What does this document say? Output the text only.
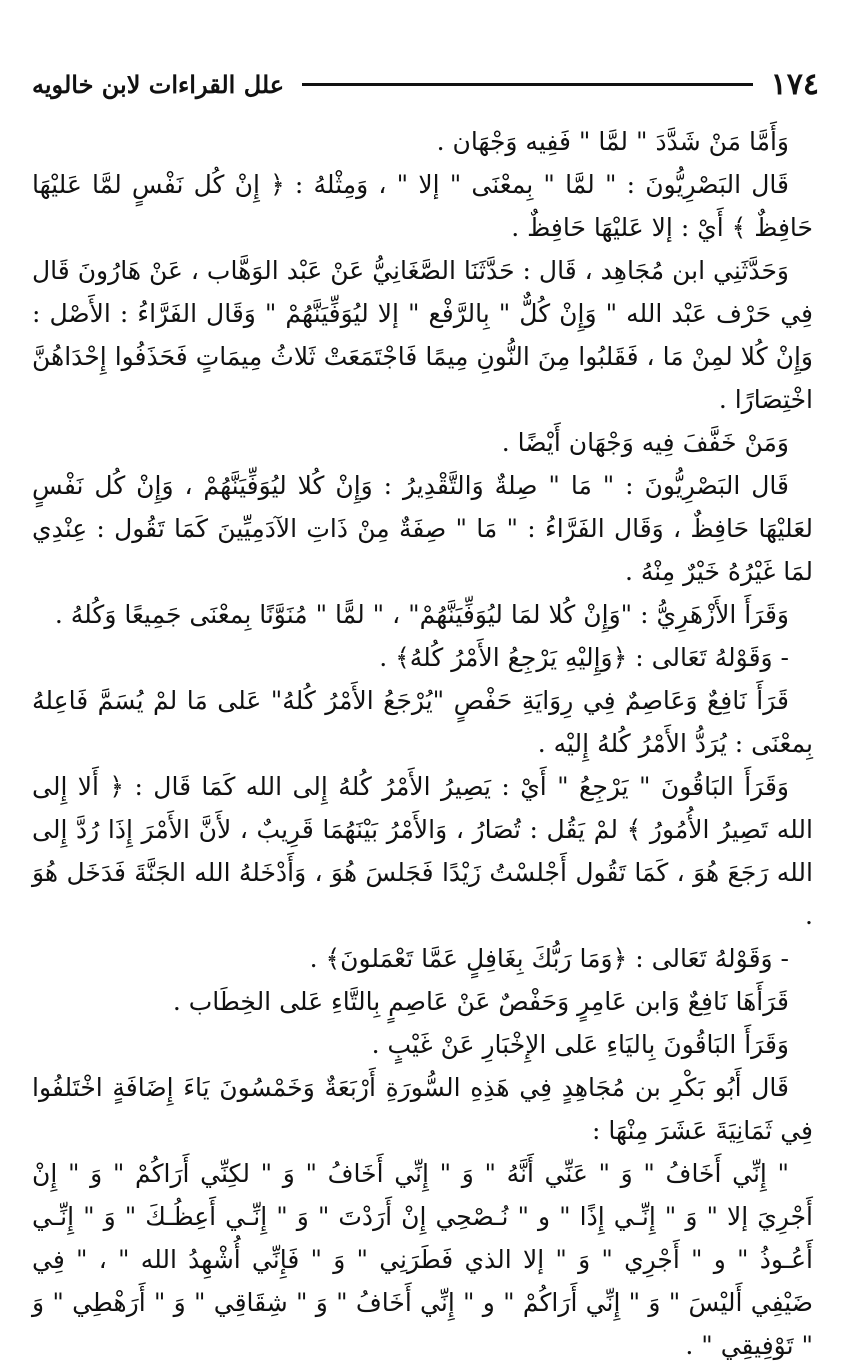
١٧٤
علل القراءات لابن خالويه

وَأَمَّا مَنْ شَدَّدَ " لمَّا " فَفِيه وَجْهَان .

قَال البَصْرِيُّونَ : " لمَّا " بِمعْنَى " إلا " ، وَمِثْلهُ : ﴿ إِنْ كُل نَفْسٍ لمَّا عَليْهَا حَافِظٌ ﴾ أَيْ : إلا عَليْهَا حَافِظٌ .

وَحَدَّثَنِي ابن مُجَاهِد ، قَال : حَدَّثَنَا الصَّغَانِيُّ عَنْ عَبْد الوَهَّاب ، عَنْ هَارُونَ قَال فِي حَرْف عَبْد الله " وَإِنْ كُلٌّ " بِالرَّفْع " إلا ليُوَفِّيَنَّهُمْ " وَقَال الفَرَّاءُ : الأَصْل : وَإِنْ كُلا لمِنْ مَا ، فَقَلبُوا مِنَ النُّونِ مِيمًا فَاجْتَمَعَتْ ثَلاثُ مِيمَاتٍ فَحَذَفُوا إِحْدَاهُنَّ اخْتِصَارًا .

وَمَنْ خَفَّفَ فِيه وَجْهَان أَيْضًا .

قَال البَصْرِيُّونَ : " مَا " صِلةٌ وَالتَّقْدِيرُ : وَإِنْ كُلا ليُوَفِّيَنَّهُمْ ، وَإِنْ كُل نَفْسٍ لعَليْهَا حَافِظٌ ، وَقَال الفَرَّاءُ : " مَا " صِفَةٌ مِنْ ذَاتِ الآدَمِيِّينَ كَمَا تَقُول : عِنْدِي لمَا غَيْرُهُ خَيْرٌ مِنْهُ .

وَقَرَأَ الأَزْهَرِيُّ : "وَإِنْ كُلا لمَا ليُوَفِّيَنَّهُمْ" ، " لمًّا " مُنَوَّنًا بِمعْنَى جَمِيعًا وَكُلهُ .

- وَقَوْلهُ تَعَالى : ﴿وَإِليْهِ يَرْجِعُ الأَمْرُ كُلهُ﴾ .

قَرَأَ نَافِعٌ وَعَاصِمٌ فِي رِوَايَةِ حَفْصٍ "يُرْجَعُ الأَمْرُ كُلهُ" عَلى مَا لمْ يُسَمَّ فَاعِلهُ بِمعْنَى : يُرَدُّ الأَمْرُ كُلهُ إِليْه .

وَقَرَأَ البَاقُونَ " يَرْجِعُ " أَيْ : يَصِيرُ الأَمْرُ كُلهُ إِلى الله كَمَا قَال : ﴿ أَلا إِلى الله تَصِيرُ الأُمُورُ ﴾ لمْ يَقُل : تُصَارُ ، وَالأَمْرُ بَيْنَهُمَا قَرِيبٌ ، لأَنَّ الأَمْرَ إِذَا رُدَّ إِلى الله رَجَعَ هُوَ ، كَمَا تَقُول أَجْلسْتُ زَيْدًا فَجَلسَ هُوَ ، وَأَدْخَلهُ الله الجَنَّةَ فَدَخَل هُوَ .

- وَقَوْلهُ تَعَالى : ﴿وَمَا رَبُّكَ بِغَافِلٍ عَمَّا تَعْمَلونَ﴾ .

قَرَأَهَا نَافِعٌ وَابن عَامِرٍ وَحَفْصٌ عَنْ عَاصِمٍ بِالتَّاءِ عَلى الخِطَاب .

وَقَرَأَ البَاقُونَ بِاليَاءِ عَلى الإِخْبَارِ عَنْ غَيْبٍ .

قَال أَبُو بَكْرِ بن مُجَاهِدٍ فِي هَذِهِ السُّورَةِ أَرْبَعَةٌ وَخَمْسُونَ يَاءَ إِضَافَةٍ اخْتَلفُوا فِي ثَمَانِيَةَ عَشَرَ مِنْهَا :

" إِنِّي أَخَافُ " وَ " عَنِّي أَنَّهُ " وَ " إِنِّي أَخَافُ " وَ " لكِنِّي أَرَاكُمْ " وَ " إِنْ أَجْرِيَ إلا " وَ " إِنِّـي إِذًا " و " نُـصْحِي إِنْ أَرَدْتَ " وَ " إِنِّـي أَعِظُـكَ " وَ " إِنِّـي أَعُـوذُ " و " أَجْرِي " وَ " إلا الذي فَطَرَنِي " وَ " فَإِنِّي أُشْهِدُ الله " ، " فِي ضَيْفِي أَليْسَ " وَ " إِنِّي أَرَاكُمْ " و " إِنِّي أَخَافُ " وَ " شِقَاقِي " وَ " أَرَهْطِي " وَ " تَوْفِيقِي " .
